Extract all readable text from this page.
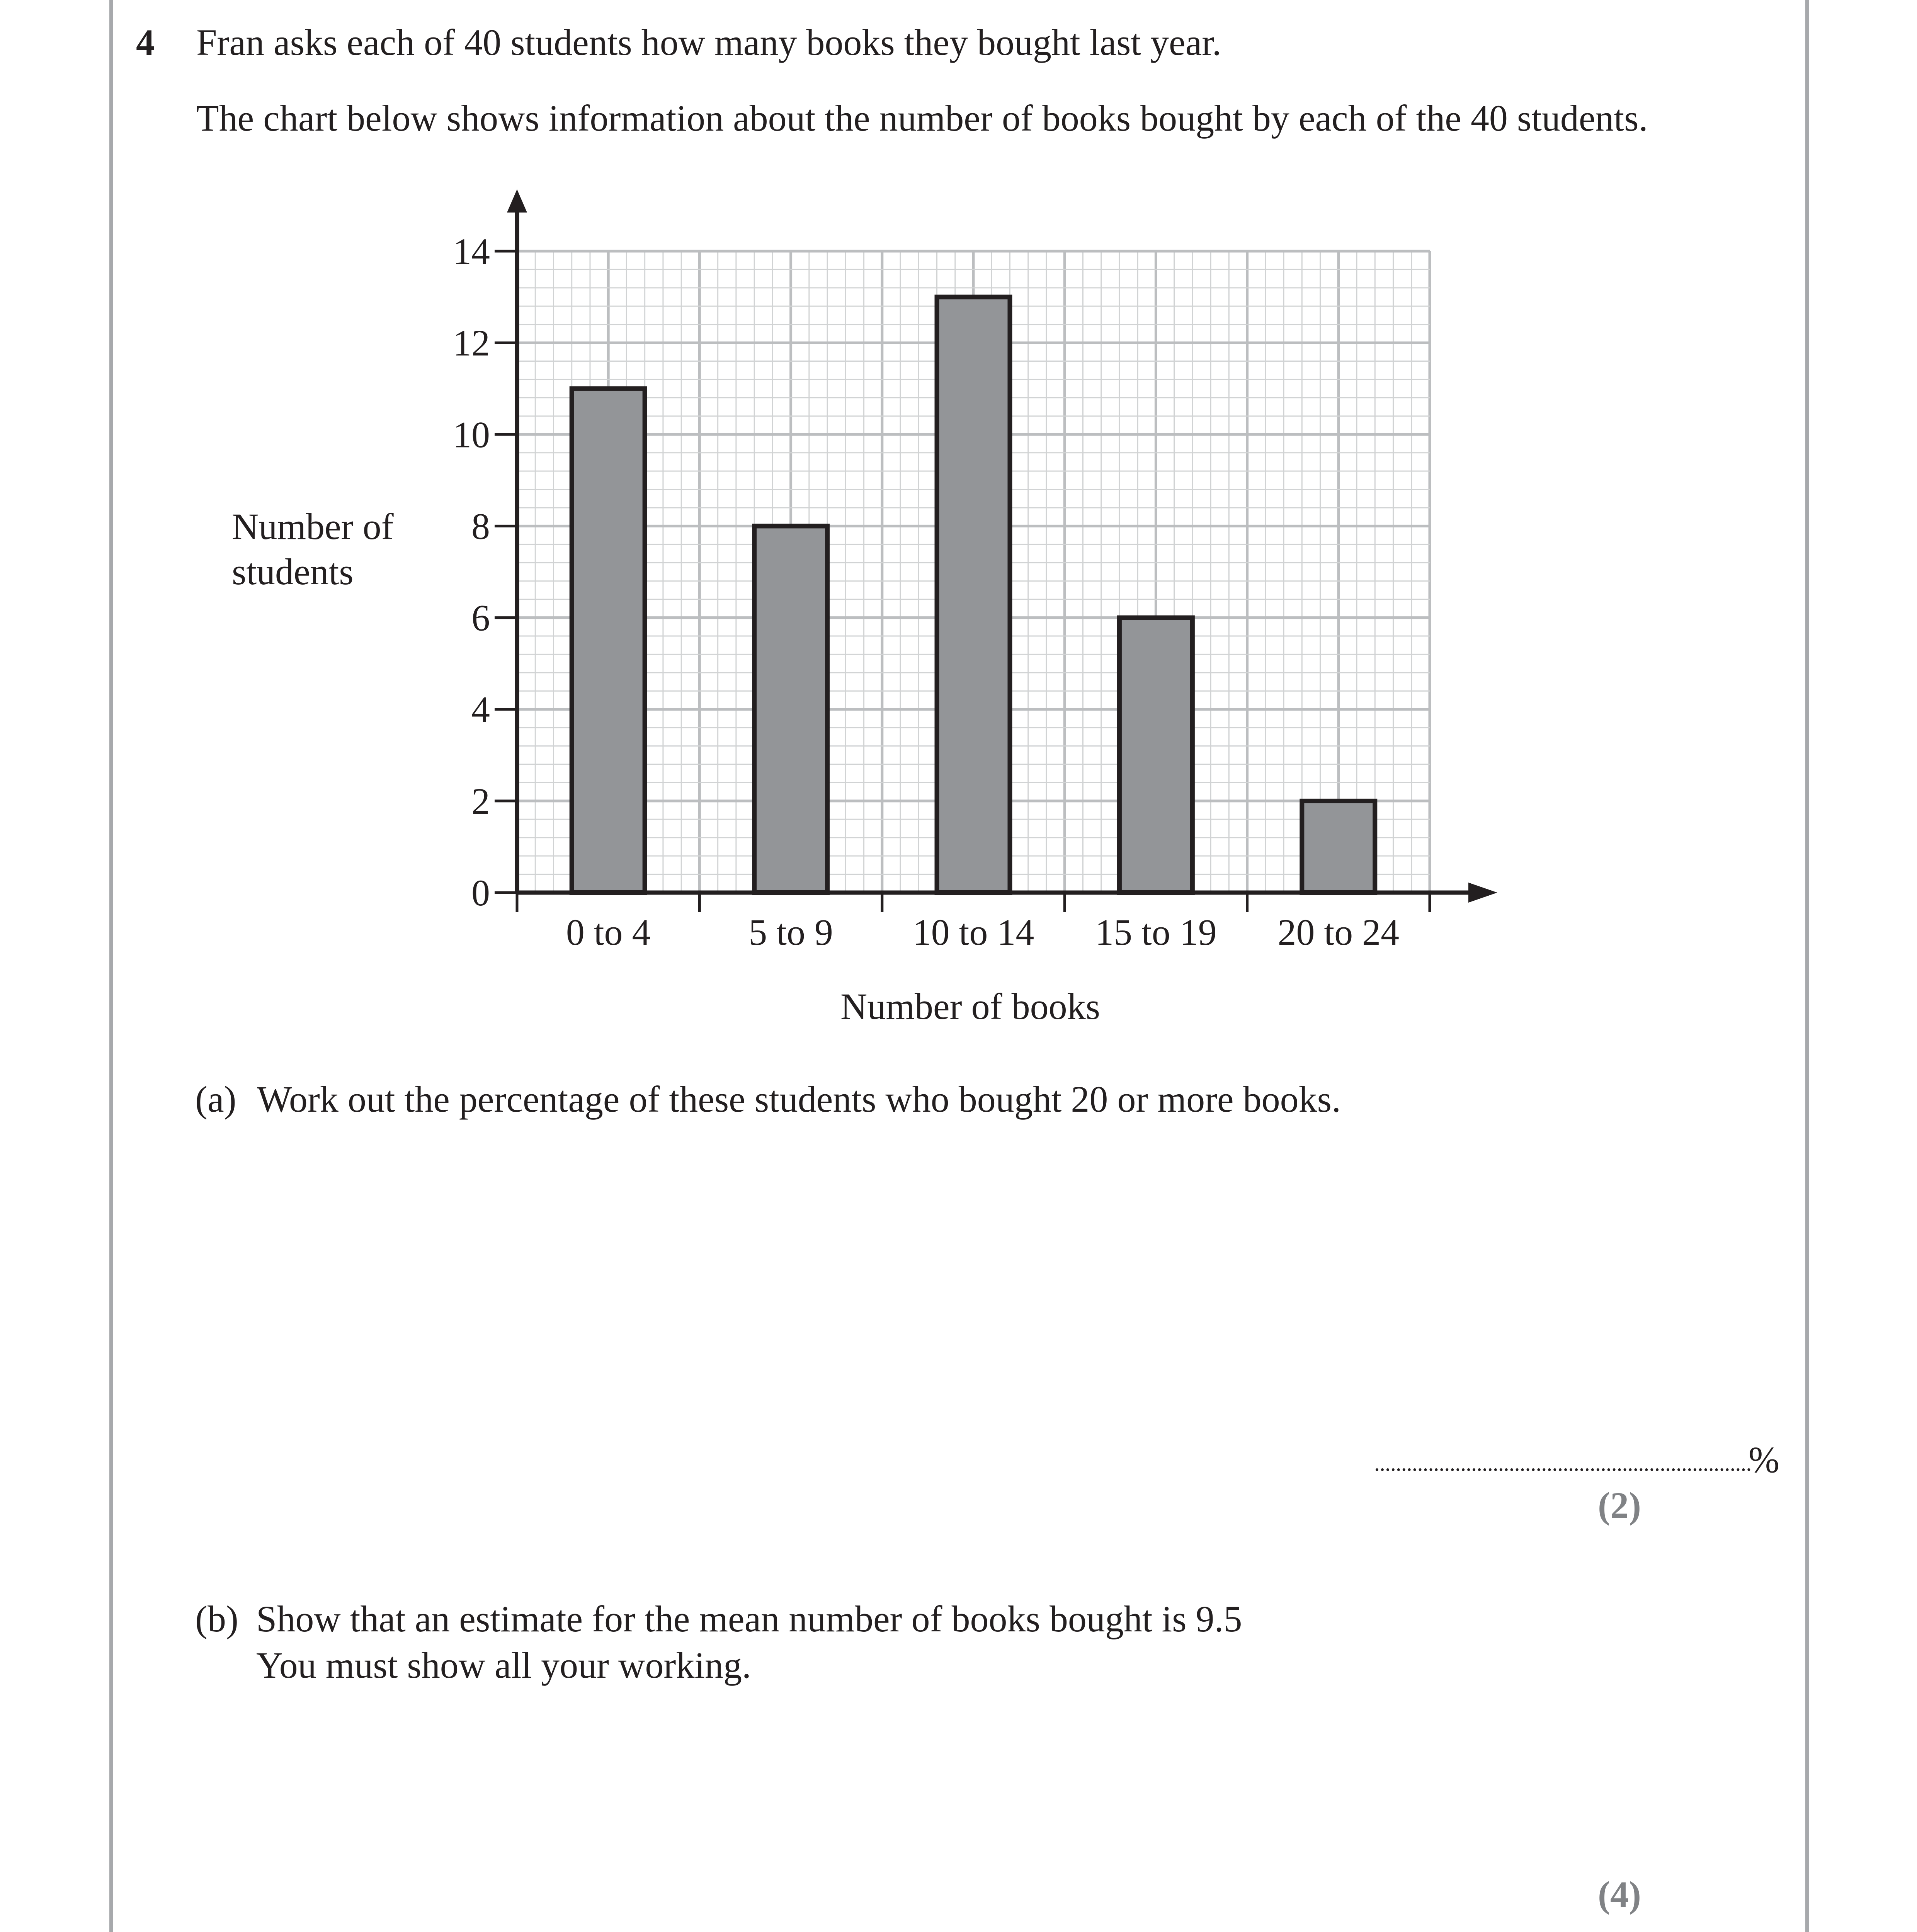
4 Fran asks each of 40 students how many books they bought last year.
The chart below shows information about the number of books bought by each of the 40 students.
0
2
4
6
8
10
12
14
0 to 4	5 to 9 10 to 14 15 to 19 20 to 24
Number of
students
Number of books
(a) Work out the percentage of these students who bought 20 or more books.
%
(2)
(b) Show that an estimate for the mean number of books bought is 9.5
You must show all your working.
(4)
